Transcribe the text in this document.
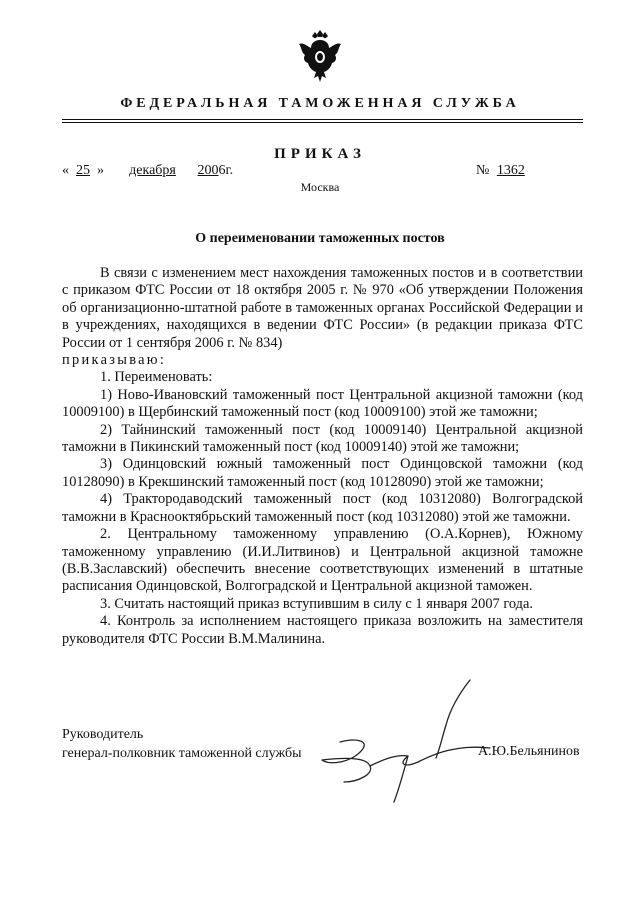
ФЕДЕРАЛЬНАЯ ТАМОЖЕННАЯ СЛУЖБА
ПРИКАЗ
« 25 » декабря 2006г.	№ 1362
Москва
О переименовании таможенных постов

В связи с изменением мест нахождения таможенных постов и в соответствии с приказом ФТС России от 18 октября 2005 г. № 970 «Об утверждении Положения об организационно-штатной работе в таможенных органах Российской Федерации и в учреждениях, находящихся в ведении ФТС России» (в редакции приказа ФТС России от 1 сентября 2006 г. № 834)

приказываю:

1. Переименовать:

1) Ново-Ивановский таможенный пост Центральной акцизной таможни (код 10009100) в Щербинский таможенный пост (код 10009100) этой же таможни;

2) Тайнинский таможенный пост (код 10009140) Центральной акцизной таможни в Пикинский таможенный пост (код 10009140) этой же таможни;

3) Одинцовский южный таможенный пост Одинцовской таможни (код 10128090) в Крекшинский таможенный пост (код 10128090) этой же таможни;

4) Трактородаводский таможенный пост (код 10312080) Волгоградской таможни в Краснооктябрьский таможенный пост (код 10312080) этой же таможни.

2. Центральному таможенному управлению (О.А.Корнев), Южному таможенному управлению (И.И.Литвинов) и Центральной акцизной таможне (В.В.Заславский) обеспечить внесение соответствующих изменений в штатные расписания Одинцовской, Волгоградской и Центральной акцизной таможен.

3. Считать настоящий приказ вступившим в силу с 1 января 2007 года.

4. Контроль за исполнением настоящего приказа возложить на заместителя руководителя ФТС России В.М.Малинина.

Руководитель
генерал-полковник таможенной службы	А.Ю.Бельянинов
